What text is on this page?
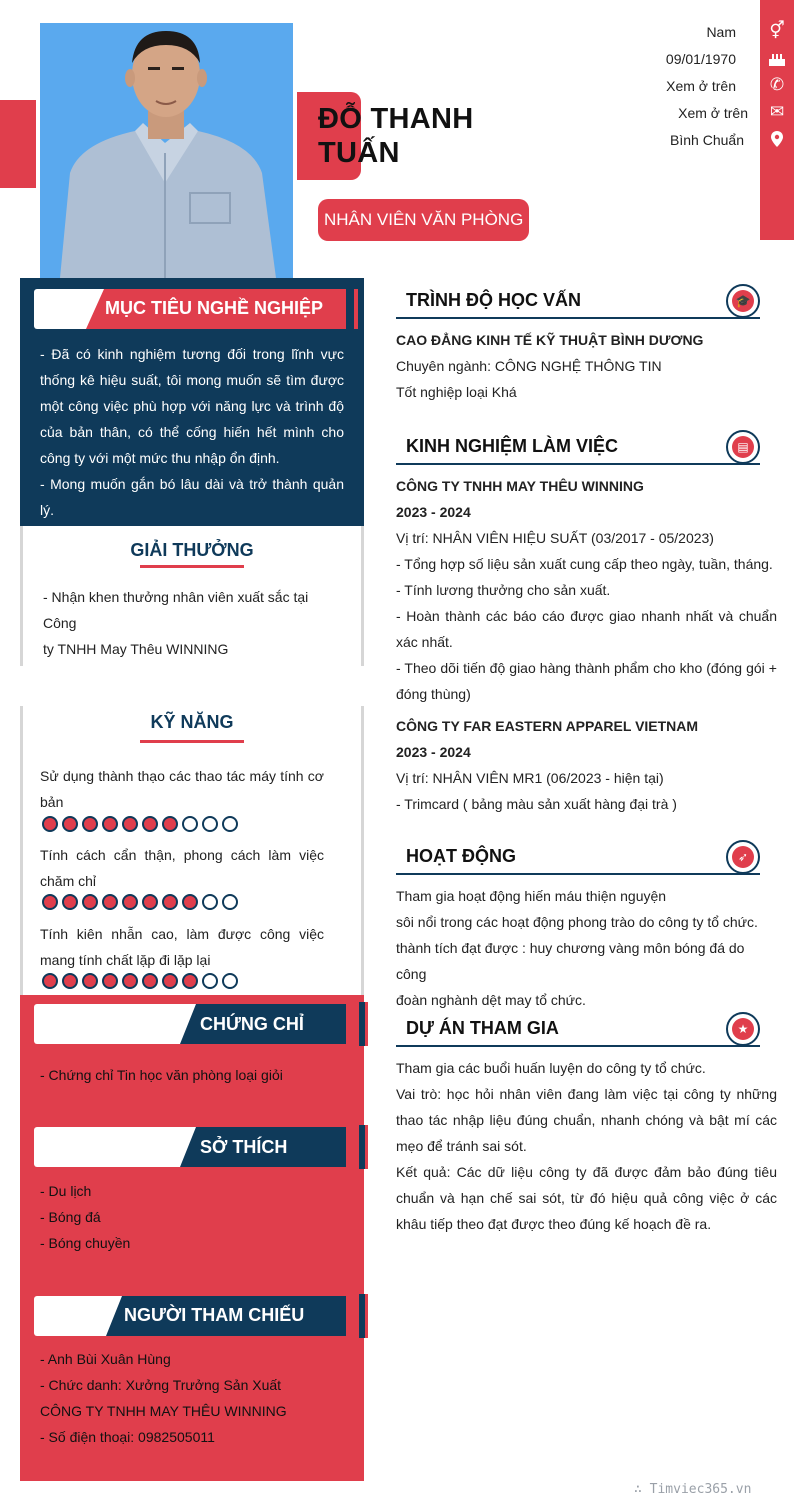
ĐỖ THANH
TUẤN
NHÂN VIÊN VĂN PHÒNG
⚥
✆
✉
Nam
09/01/1970
Xem ở trên
Xem ở trên
Bình Chuẩn
MỤC TIÊU NGHỀ NGHIỆP
- Đã có kinh nghiệm tương đối trong lĩnh vực
thống kê hiệu suất, tôi mong muốn sẽ tìm được
một công việc phù hợp với năng lực và trình độ
của bản thân, có thể cống hiến hết mình cho
công ty với một mức thu nhập ổn định.
- Mong muốn gắn bó lâu dài và trở thành quản lý.
GIẢI THƯỞNG
- Nhận khen thưởng nhân viên xuất sắc tại Công
ty TNHH May Thêu WINNING
KỸ NĂNG
Sử dụng thành thạo các thao tác máy tính cơ
bản
Tính cách cẩn thận, phong cách làm việc
chăm chỉ
Tính kiên nhẫn cao, làm được công việc
mang tính chất lặp đi lặp lại
CHỨNG CHỈ
- Chứng chỉ Tin học văn phòng loại giỏi
SỞ THÍCH
- Du lịch
- Bóng đá
- Bóng chuyền
NGƯỜI THAM CHIẾU
- Anh Bùi Xuân Hùng
- Chức danh: Xưởng Trưởng Sản Xuất
CÔNG TY TNHH MAY THÊU WINNING
- Số điện thoại: 0982505011
TRÌNH ĐỘ HỌC VẤN	🎓
CAO ĐẲNG KINH TẾ KỸ THUẬT BÌNH DƯƠNG
Chuyên ngành: CÔNG NGHỆ THÔNG TIN
Tốt nghiệp loại Khá
KINH NGHIỆM LÀM VIỆC	▤
CÔNG TY TNHH MAY THÊU WINNING
2023 - 2024
Vị trí: NHÂN VIÊN HIỆU SUẤT (03/2017 - 05/2023)
- Tổng hợp số liệu sản xuất cung cấp theo ngày, tuần, tháng.
- Tính lương thưởng cho sản xuất.
- Hoàn thành các báo cáo được giao nhanh nhất và chuẩn
xác nhất.
- Theo dõi tiến độ giao hàng thành phẩm cho kho (đóng gói +
đóng thùng)
CÔNG TY FAR EASTERN APPAREL VIETNAM
2023 - 2024
Vị trí: NHÂN VIÊN MR1 (06/2023 - hiện tại)
- Trimcard ( bảng màu sản xuất hàng đại trà )
HOẠT ĐỘNG	➶
Tham gia hoạt động hiến máu thiện nguyện
sôi nổi trong các hoạt động phong trào do công ty tổ chức.
thành tích đạt được : huy chương vàng môn bóng đá do công
đoàn nghành dệt may tổ chức.
DỰ ÁN THAM GIA	★
Tham gia các buổi huấn luyện do công ty tổ chức.
Vai trò: học hỏi nhân viên đang làm việc tại công ty những
thao tác nhập liệu đúng chuẩn, nhanh chóng và bật mí các
mẹo để tránh sai sót.
Kết quả: Các dữ liệu công ty đã được đảm bảo đúng tiêu
chuẩn và hạn chế sai sót, từ đó hiệu quả công việc ở các
khâu tiếp theo đạt được theo đúng kế hoạch đề ra.
∴ Timviec365.vn
